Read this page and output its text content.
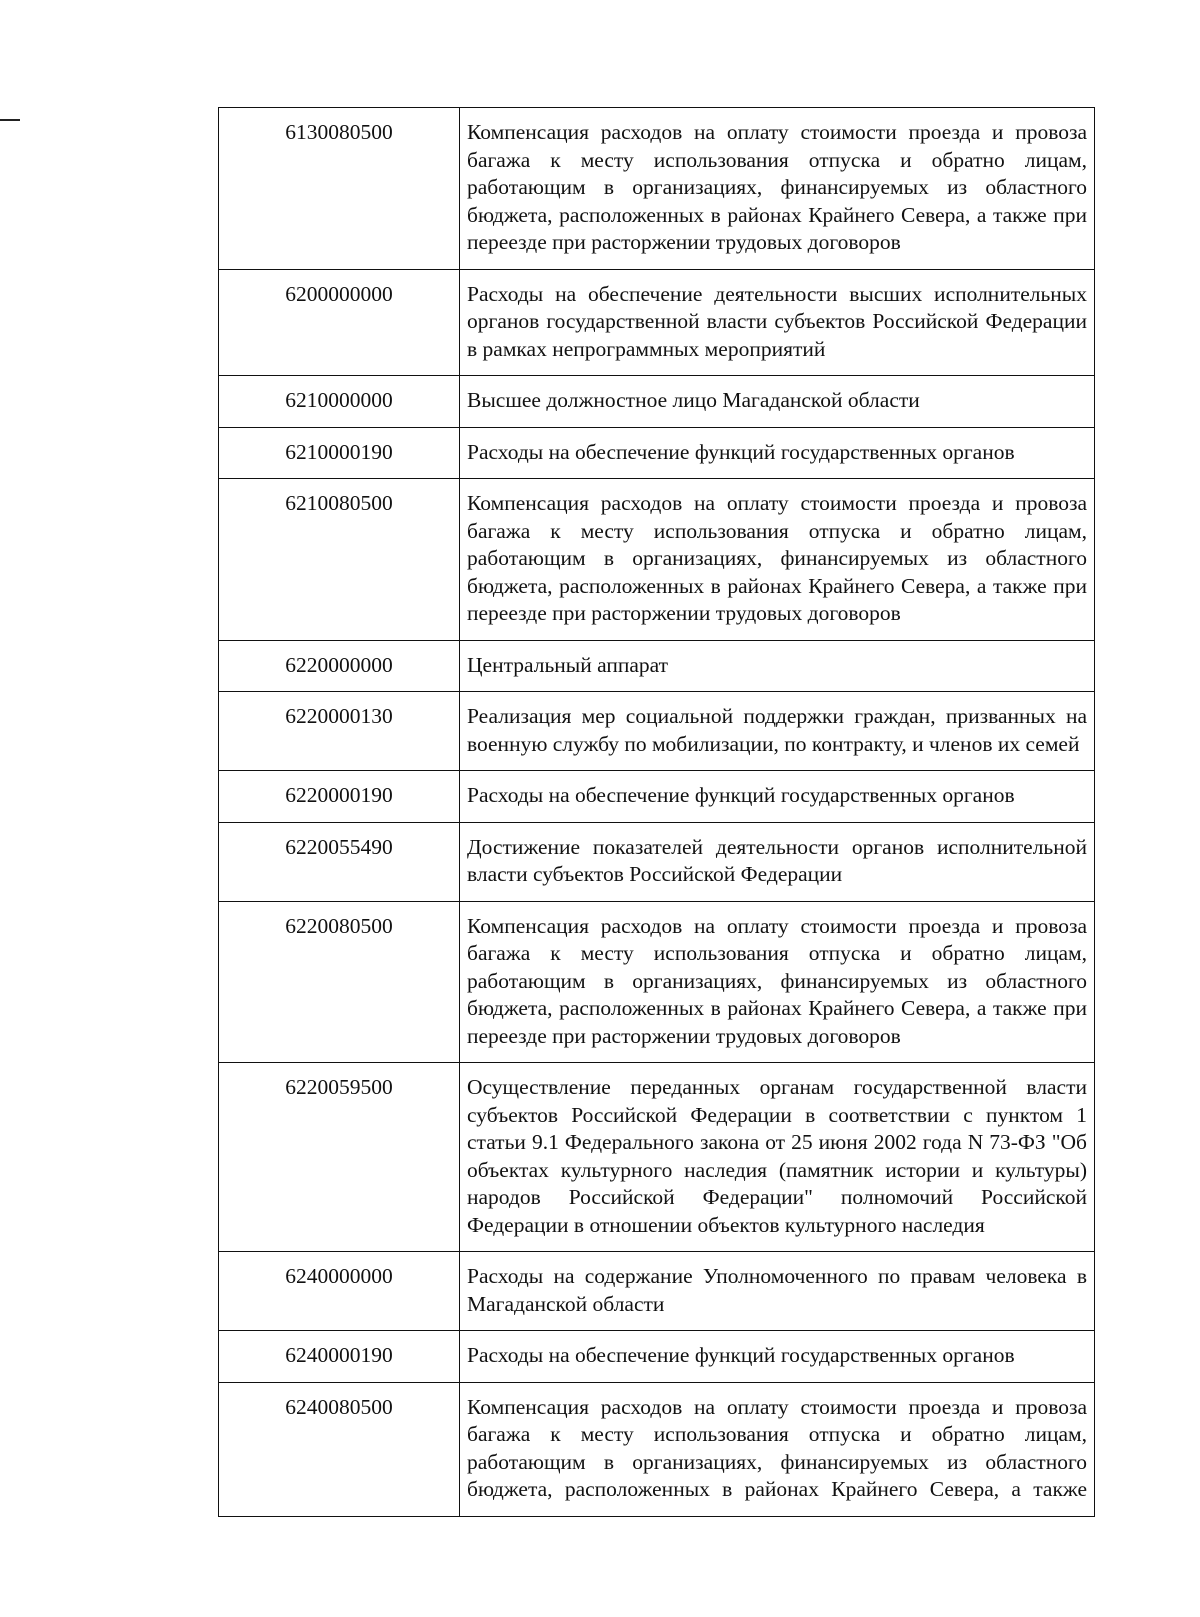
6130080500	Компенсация расходов на оплату стоимости проезда и провоза багажа к месту использования отпуска и обратно лицам, работающим в организациях, финансируемых из областного бюджета, расположенных в районах Крайнего Севера, а также при переезде при расторжении трудовых договоров
6200000000	Расходы на обеспечение деятельности высших исполнительных органов государственной власти субъектов Российской Федерации в рамках непрограммных мероприятий
6210000000	Высшее должностное лицо Магаданской области
6210000190	Расходы на обеспечение функций государственных органов
6210080500	Компенсация расходов на оплату стоимости проезда и провоза багажа к месту использования отпуска и обратно лицам, работающим в организациях, финансируемых из областного бюджета, расположенных в районах Крайнего Севера, а также при переезде при расторжении трудовых договоров
6220000000	Центральный аппарат
6220000130	Реализация мер социальной поддержки граждан, призванных на военную службу по мобилизации, по контракту, и членов их семей
6220000190	Расходы на обеспечение функций государственных органов
6220055490	Достижение показателей деятельности органов исполнительной власти субъектов Российской Федерации
6220080500	Компенсация расходов на оплату стоимости проезда и провоза багажа к месту использования отпуска и обратно лицам, работающим в организациях, финансируемых из областного бюджета, расположенных в районах Крайнего Севера, а также при переезде при расторжении трудовых договоров
6220059500	Осуществление переданных органам государственной власти субъектов Российской Федерации в соответствии с пунктом 1 статьи 9.1 Федерального закона от 25 июня 2002 года N 73-ФЗ "Об объектах культурного наследия (памятник истории и культуры) народов Российской Федерации" полномочий Российской Федерации в отношении объектов культурного наследия
6240000000	Расходы на содержание Уполномоченного по правам человека в Магаданской области
6240000190	Расходы на обеспечение функций государственных органов
6240080500	Компенсация расходов на оплату стоимости проезда и провоза багажа к месту использования отпуска и обратно лицам, работающим в организациях, финансируемых из областного бюджета, расположенных в районах Крайнего Севера, а также
